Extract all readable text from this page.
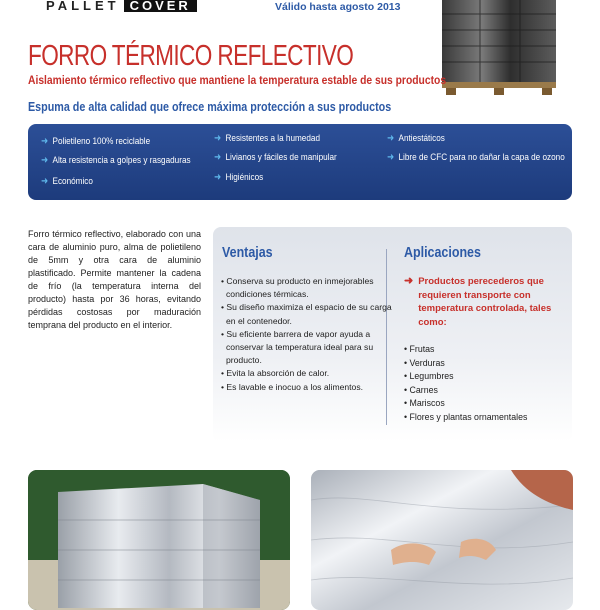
PALLET COVER	Válido hasta agosto 2013
FORRO TÉRMICO REFLECTIVO
Aislamiento térmico reflectivo que mantiene la temperatura estable de sus productos
Espuma de alta calidad que ofrece máxima protección a sus productos
➜ Polietileno 100% reciclable
➜ Alta resistencia a golpes y rasgaduras
➜ Económico
➜ Resistentes a la humedad
➜ Livianos y fáciles de manipular
➜ Higiénicos
➜ Antiestáticos
➜ Libre de CFC para no dañar la capa de ozono
Forro térmico reflectivo, elaborado con una cara de aluminio puro, alma de polietileno de 5mm y otra cara de aluminio plastificado. Permite mantener la cadena de frío (la temperatura interna del producto) hasta por 36 horas, evitando pérdidas costosas por maduración temprana del producto en el interior.
Ventajas
• Conserva su producto en inmejorables condiciones térmicas.
• Su diseño maximiza el espacio de su carga en el contenedor.
• Su eficiente barrera de vapor ayuda a conservar la temperatura ideal para su producto.
• Evita la absorción de calor.
• Es lavable e inocuo a los alimentos.
Aplicaciones
➜ Productos perecederos que requieren transporte con temperatura controlada, tales como:
• Frutas
• Verduras
• Legumbres
• Carnes
• Mariscos
• Flores y plantas ornamentales
